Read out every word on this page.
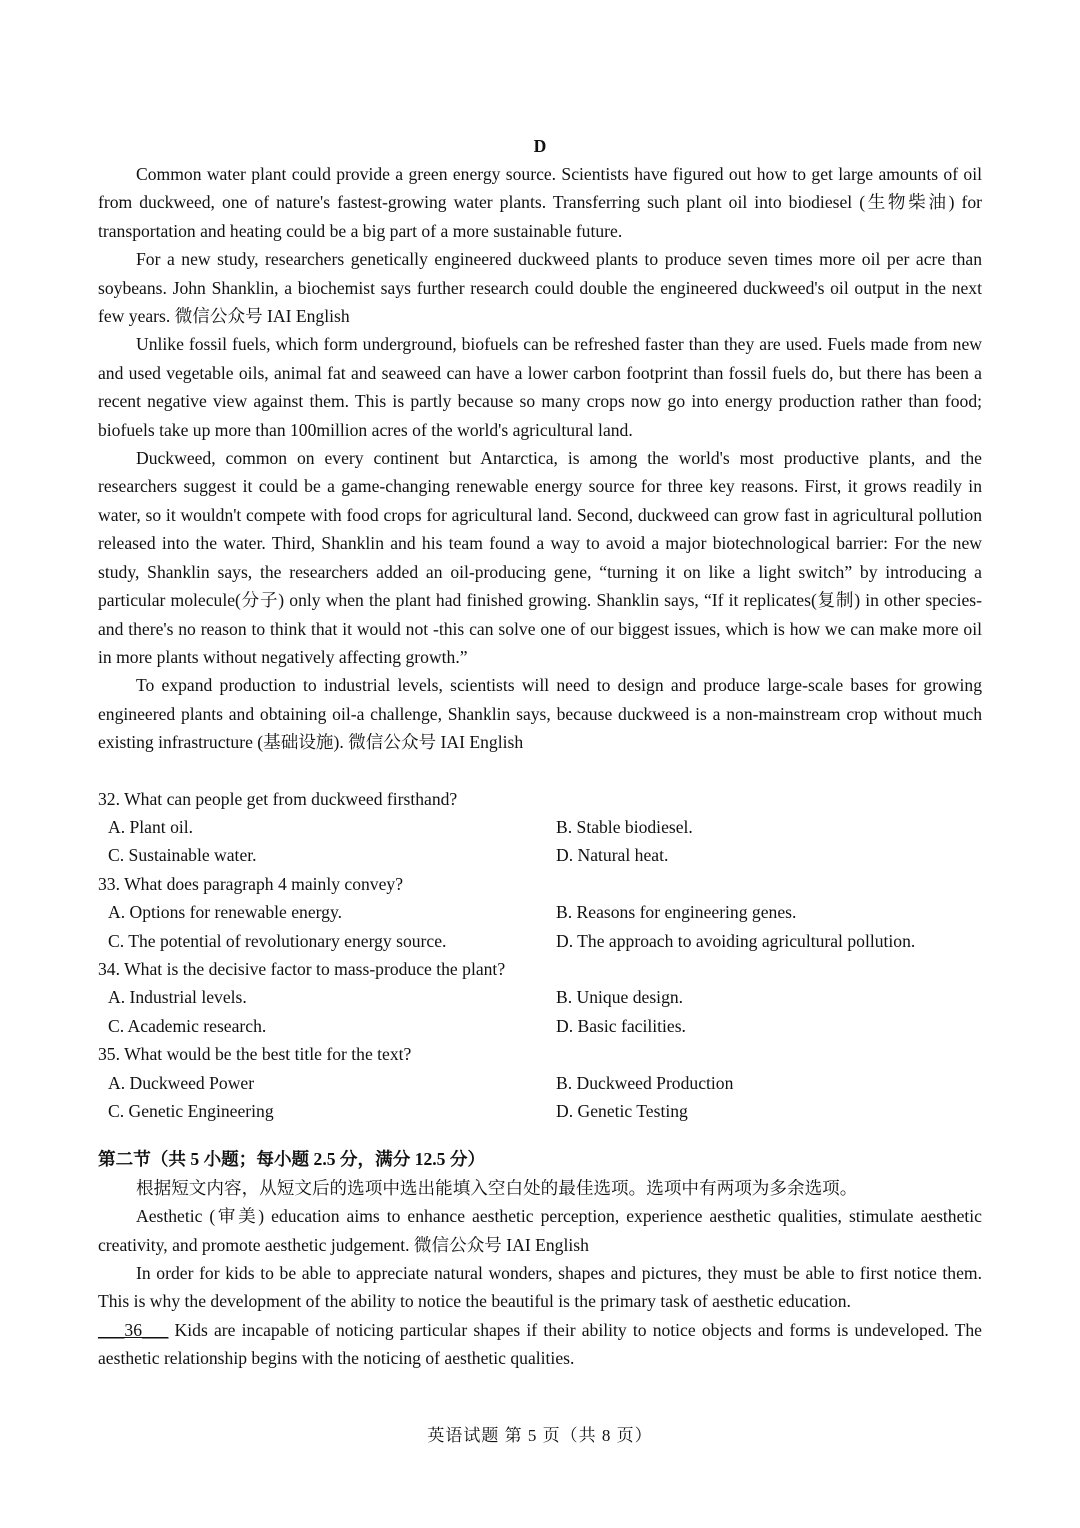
D

Common water plant could provide a green energy source. Scientists have figured out how to get large amounts of oil from duckweed, one of nature's fastest-growing water plants. Transferring such plant oil into biodiesel (生物柴油) for transportation and heating could be a big part of a more sustainable future.

For a new study, researchers genetically engineered duckweed plants to produce seven times more oil per acre than soybeans. John Shanklin, a biochemist says further research could double the engineered duckweed's oil output in the next few years. 微信公众号 IAI English

Unlike fossil fuels, which form underground, biofuels can be refreshed faster than they are used. Fuels made from new and used vegetable oils, animal fat and seaweed can have a lower carbon footprint than fossil fuels do, but there has been a recent negative view against them. This is partly because so many crops now go into energy production rather than food; biofuels take up more than 100million acres of the world's agricultural land.

Duckweed, common on every continent but Antarctica, is among the world's most productive plants, and the researchers suggest it could be a game-changing renewable energy source for three key reasons. First, it grows readily in water, so it wouldn't compete with food crops for agricultural land. Second, duckweed can grow fast in agricultural pollution released into the water. Third, Shanklin and his team found a way to avoid a major biotechnological barrier: For the new study, Shanklin says, the researchers added an oil-producing gene, “turning it on like a light switch” by introducing a particular molecule(分子) only when the plant had finished growing. Shanklin says, “If it replicates(复制) in other species-and there's no reason to think that it would not -this can solve one of our biggest issues, which is how we can make more oil in more plants without negatively affecting growth.”

To expand production to industrial levels, scientists will need to design and produce large-scale bases for growing engineered plants and obtaining oil-a challenge, Shanklin says, because duckweed is a non-mainstream crop without much existing infrastructure (基础设施). 微信公众号 IAI English

32. What can people get from duckweed firsthand?

A. Plant oil.	B. Stable biodiesel.

C. Sustainable water.	D. Natural heat.

33. What does paragraph 4 mainly convey?

A. Options for renewable energy.	B. Reasons for engineering genes.

C. The potential of revolutionary energy source.	D. The approach to avoiding agricultural pollution.

34. What is the decisive factor to mass-produce the plant?

A. Industrial levels.	B. Unique design.

C. Academic research.	D. Basic facilities.

35. What would be the best title for the text?

A. Duckweed Power	B. Duckweed Production

C. Genetic Engineering	D. Genetic Testing

第二节（共 5 小题；每小题 2.5 分，满分 12.5 分）

根据短文内容，从短文后的选项中选出能填入空白处的最佳选项。选项中有两项为多余选项。

Aesthetic (审美) education aims to enhance aesthetic perception, experience aesthetic qualities, stimulate aesthetic creativity, and promote aesthetic judgement. 微信公众号 IAI English

In order for kids to be able to appreciate natural wonders, shapes and pictures, they must be able to first notice them. This is why the development of the ability to notice the beautiful is the primary task of aesthetic education.

___36___ Kids are incapable of noticing particular shapes if their ability to notice objects and forms is undeveloped. The aesthetic relationship begins with the noticing of aesthetic qualities.

英语试题 第 5 页（共 8 页）
